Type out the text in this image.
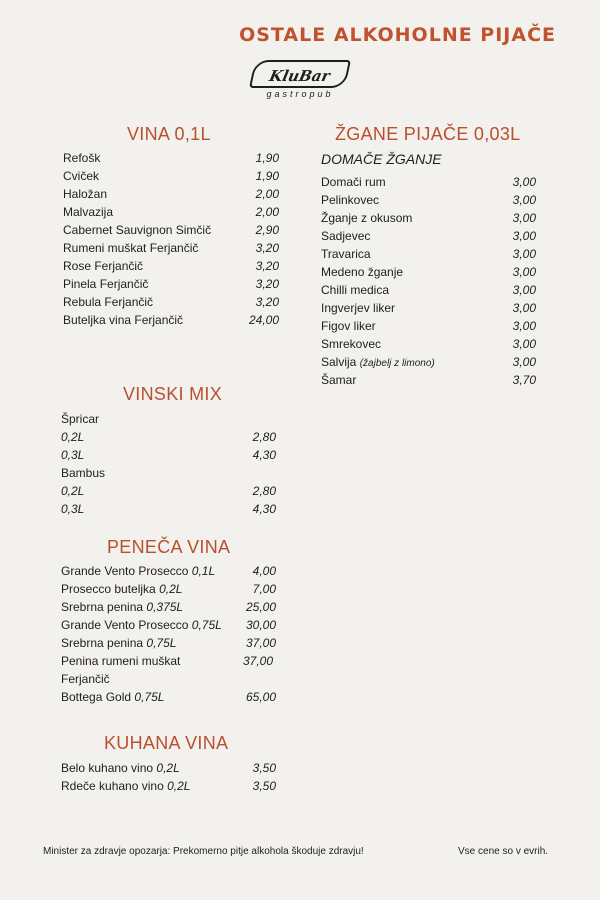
OSTALE ALKOHOLNE PIJAČE
KluBar
gastropub
VINA 0,1L
Refošk	1,90
Cviček	1,90
Haložan	2,00
Malvazija	2,00
Cabernet Sauvignon Simčič	2,90
Rumeni muškat Ferjančič	3,20
Rose Ferjančič	3,20
Pinela Ferjančič	3,20
Rebula Ferjančič	3,20
Buteljka vina Ferjančič	24,00
VINSKI MIX
Špricar
0,2L	2,80
0,3L	4,30
Bambus
0,2L	2,80
0,3L	4,30
PENEČA VINA
Grande Vento Prosecco 0,1L	4,00
Prosecco buteljka 0,2L	7,00
Srebrna penina 0,375L	25,00
Grande Vento Prosecco 0,75L 30,00
Srebrna penina 0,75L	37,00
Penina rumeni muškat	37,00
Ferjančič
Bottega Gold 0,75L	65,00
KUHANA VINA
Belo kuhano vino 0,2L	3,50
Rdeče kuhano vino 0,2L	3,50
ŽGANE PIJAČE 0,03L
DOMAČE ŽGANJE
Domači rum	3,00
Pelinkovec	3,00
Žganje z okusom	3,00
Sadjevec	3,00
Travarica	3,00
Medeno žganje	3,00
Chilli medica	3,00
Ingverjev liker	3,00
Figov liker	3,00
Smrekovec	3,00
Salvija (žajbelj z limono)	3,00
Šamar	3,70
Minister za zdravje opozarja: Prekomerno pitje alkohola škoduje zdravju!	Vse cene so v evrih.
